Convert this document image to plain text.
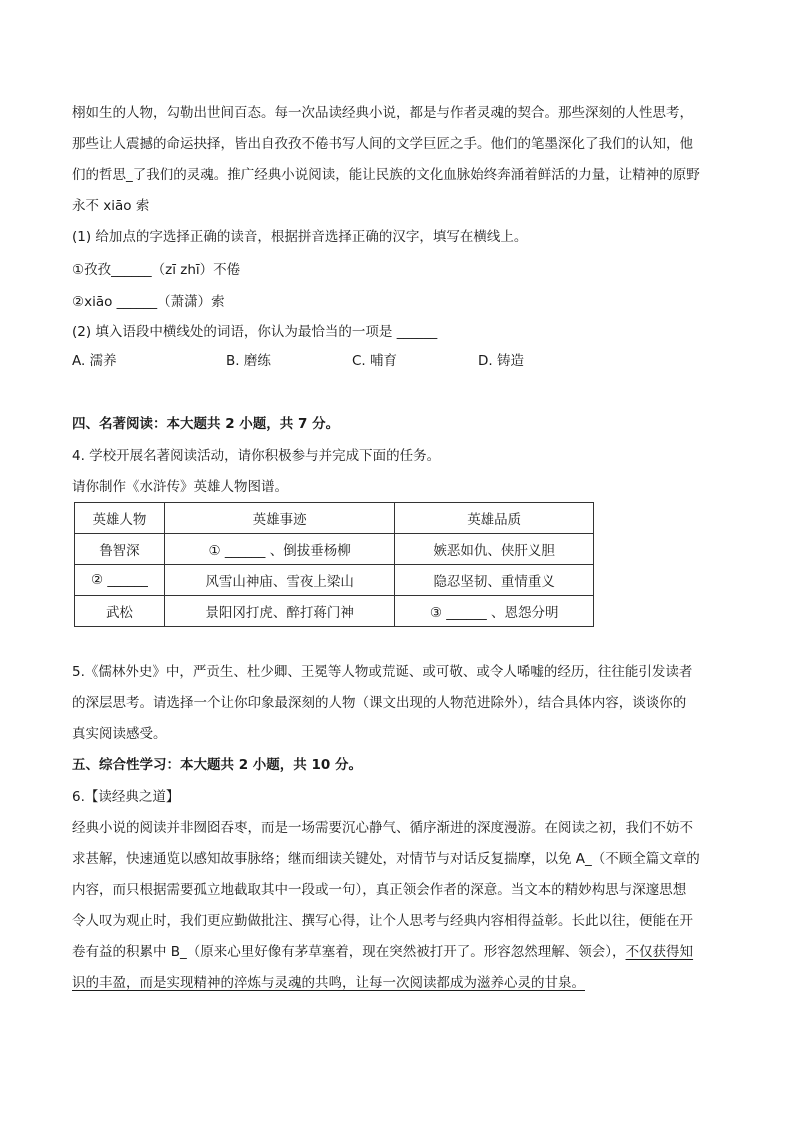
栩如生的人物，勾勒出世间百态。每一次品读经典小说，都是与作者灵魂的契合。那些深刻的人性思考，
那些让人震撼的命运抉择，皆出自孜孜不倦书写人间的文学巨匠之手。他们的笔墨深化了我们的认知，他
们的哲思_了我们的灵魂。推广经典小说阅读，能让民族的文化血脉始终奔涌着鲜活的力量，让精神的原野
永不 xiāo 索
(1) 给加点的字选择正确的读音，根据拼音选择正确的汉字，填写在横线上。
①孜孜______（zī zhī）不倦
②xiāo ______（萧潇）索
(2) 填入语段中横线处的词语，你认为最恰当的一项是 ______
A. 濡养	B. 磨练	C. 哺育	D. 铸造
四、名著阅读：本大题共 2 小题，共 7 分。
4. 学校开展名著阅读活动，请你积极参与并完成下面的任务。
请你制作《水浒传》英雄人物图谱。
英雄人物	英雄事迹	英雄品质
鲁智深	① ______ 、倒拔垂杨柳	嫉恶如仇、侠肝义胆
② ______	风雪山神庙、雪夜上梁山	隐忍坚韧、重情重义
武松	景阳冈打虎、醉打蒋门神	③ ______ 、恩怨分明
5.《儒林外史》中，严贡生、杜少卿、王冕等人物或荒诞、或可敬、或令人唏嘘的经历，往往能引发读者
的深层思考。请选择一个让你印象最深刻的人物（课文出现的人物范进除外），结合具体内容，谈谈你的
真实阅读感受。
五、综合性学习：本大题共 2 小题，共 10 分。
6.【读经典之道】
经典小说的阅读并非囫囵吞枣，而是一场需要沉心静气、循序渐进的深度漫游。在阅读之初，我们不妨不
求甚解，快速通览以感知故事脉络；继而细读关键处，对情节与对话反复揣摩，以免 A_（不顾全篇文章的
内容，而只根据需要孤立地截取其中一段或一句），真正领会作者的深意。当文本的精妙构思与深邃思想
令人叹为观止时，我们更应勤做批注、撰写心得，让个人思考与经典内容相得益彰。长此以往，便能在开
卷有益的积累中 B_（原来心里好像有茅草塞着，现在突然被打开了。形容忽然理解、领会），不仅获得知
识的丰盈，而是实现精神的淬炼与灵魂的共鸣，让每一次阅读都成为滋养心灵的甘泉。
